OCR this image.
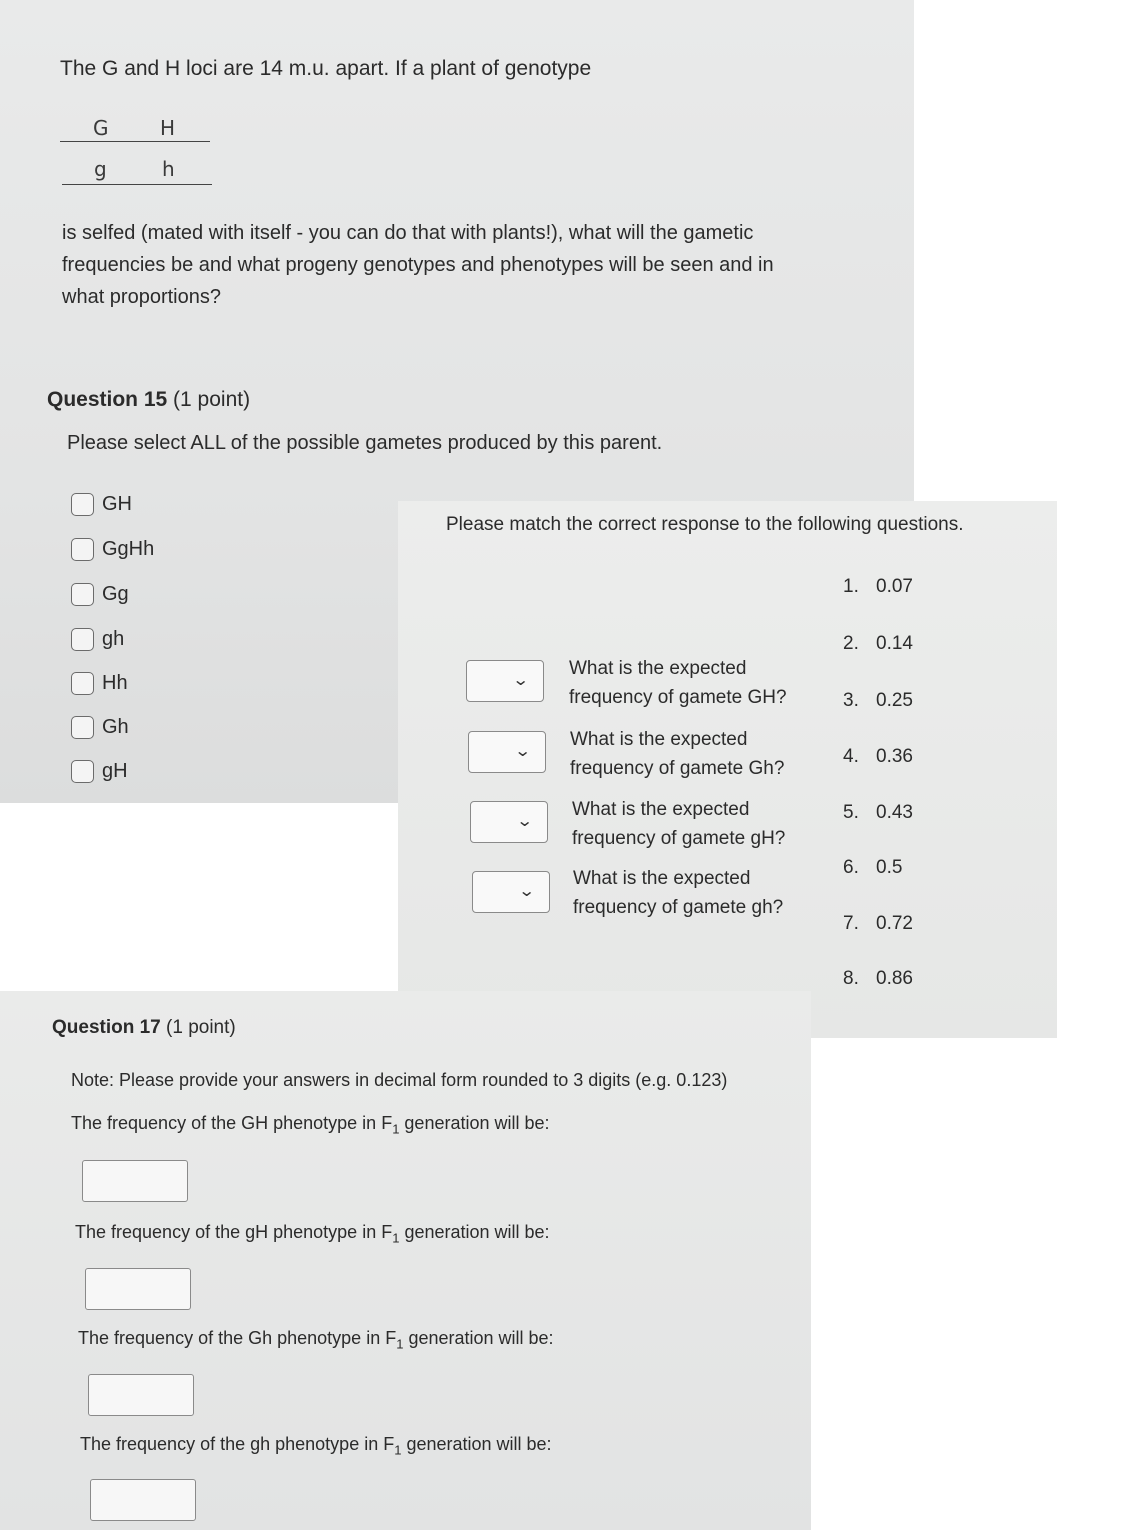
The G and H loci are 14 m.u. apart. If a plant of genotype
G	H
g	h
is selfed (mated with itself - you can do that with plants!), what will the gametic
frequencies be and what progeny genotypes and phenotypes will be seen and in
what proportions?
Question 15 (1 point)
Please select ALL of the possible gametes produced by this parent.
GH
GgHh
Gg
gh
Hh
Gh
gH
Please match the correct response to the following questions.
⌄
What is the expected
frequency of gamete GH?
⌄
What is the expected
frequency of gamete Gh?
⌄
What is the expected
frequency of gamete gH?
⌄
What is the expected
frequency of gamete gh?
1. 0.07
2. 0.14
3. 0.25
4. 0.36
5. 0.43
6. 0.5
7. 0.72
8. 0.86
Question 17 (1 point)
Note: Please provide your answers in decimal form rounded to 3 digits (e.g. 0.123)
The frequency of the GH phenotype in $F_1$ generation will be:
The frequency of the gH phenotype in $F_1$ generation will be:
The frequency of the Gh phenotype in $F_1$ generation will be:
The frequency of the gh phenotype in $F_1$ generation will be:
